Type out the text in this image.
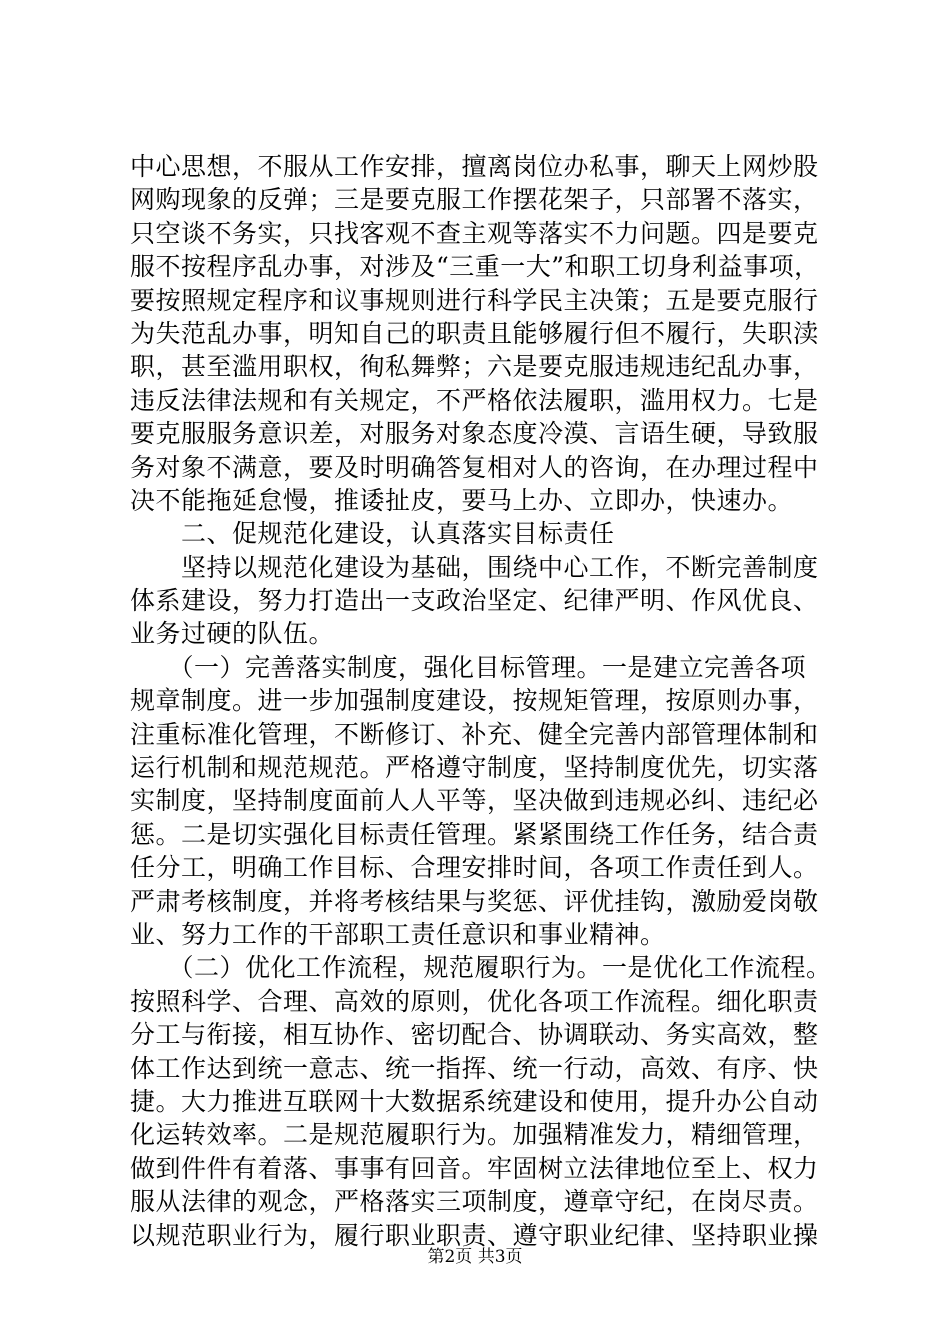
中心思想，不服从工作安排，擅离岗位办私事，聊天上网炒股
网购现象的反弹；三是要克服工作摆花架子，只部署不落实，
只空谈不务实，只找客观不查主观等落实不力问题。四是要克
服不按程序乱办事，对涉及“三重一大”和职工切身利益事项，
要按照规定程序和议事规则进行科学民主决策；五是要克服行
为失范乱办事，明知自己的职责且能够履行但不履行，失职渎
职，甚至滥用职权，徇私舞弊；六是要克服违规违纪乱办事，
违反法律法规和有关规定，不严格依法履职，滥用权力。七是
要克服服务意识差，对服务对象态度冷漠、言语生硬，导致服
务对象不满意，要及时明确答复相对人的咨询，在办理过程中
决不能拖延怠慢，推诿扯皮，要马上办、立即办，快速办。
　　二、促规范化建设，认真落实目标责任
　　坚持以规范化建设为基础，围绕中心工作，不断完善制度
体系建设，努力打造出一支政治坚定、纪律严明、作风优良、
业务过硬的队伍。
　　（一）完善落实制度，强化目标管理。一是建立完善各项
规章制度。进一步加强制度建设，按规矩管理，按原则办事，
注重标准化管理，不断修订、补充、健全完善内部管理体制和
运行机制和规范规范。严格遵守制度，坚持制度优先，切实落
实制度，坚持制度面前人人平等，坚决做到违规必纠、违纪必
惩。二是切实强化目标责任管理。紧紧围绕工作任务，结合责
任分工，明确工作目标、合理安排时间，各项工作责任到人。
严肃考核制度，并将考核结果与奖惩、评优挂钩，激励爱岗敬
业、努力工作的干部职工责任意识和事业精神。
　　（二）优化工作流程，规范履职行为。一是优化工作流程。
按照科学、合理、高效的原则，优化各项工作流程。细化职责
分工与衔接，相互协作、密切配合、协调联动、务实高效，整
体工作达到统一意志、统一指挥、统一行动，高效、有序、快
捷。大力推进互联网十大数据系统建设和使用，提升办公自动
化运转效率。二是规范履职行为。加强精准发力，精细管理，
做到件件有着落、事事有回音。牢固树立法律地位至上、权力
服从法律的观念，严格落实三项制度，遵章守纪，在岗尽责。
以规范职业行为，履行职业职责、遵守职业纪律、坚持职业操
第2页 共3页
